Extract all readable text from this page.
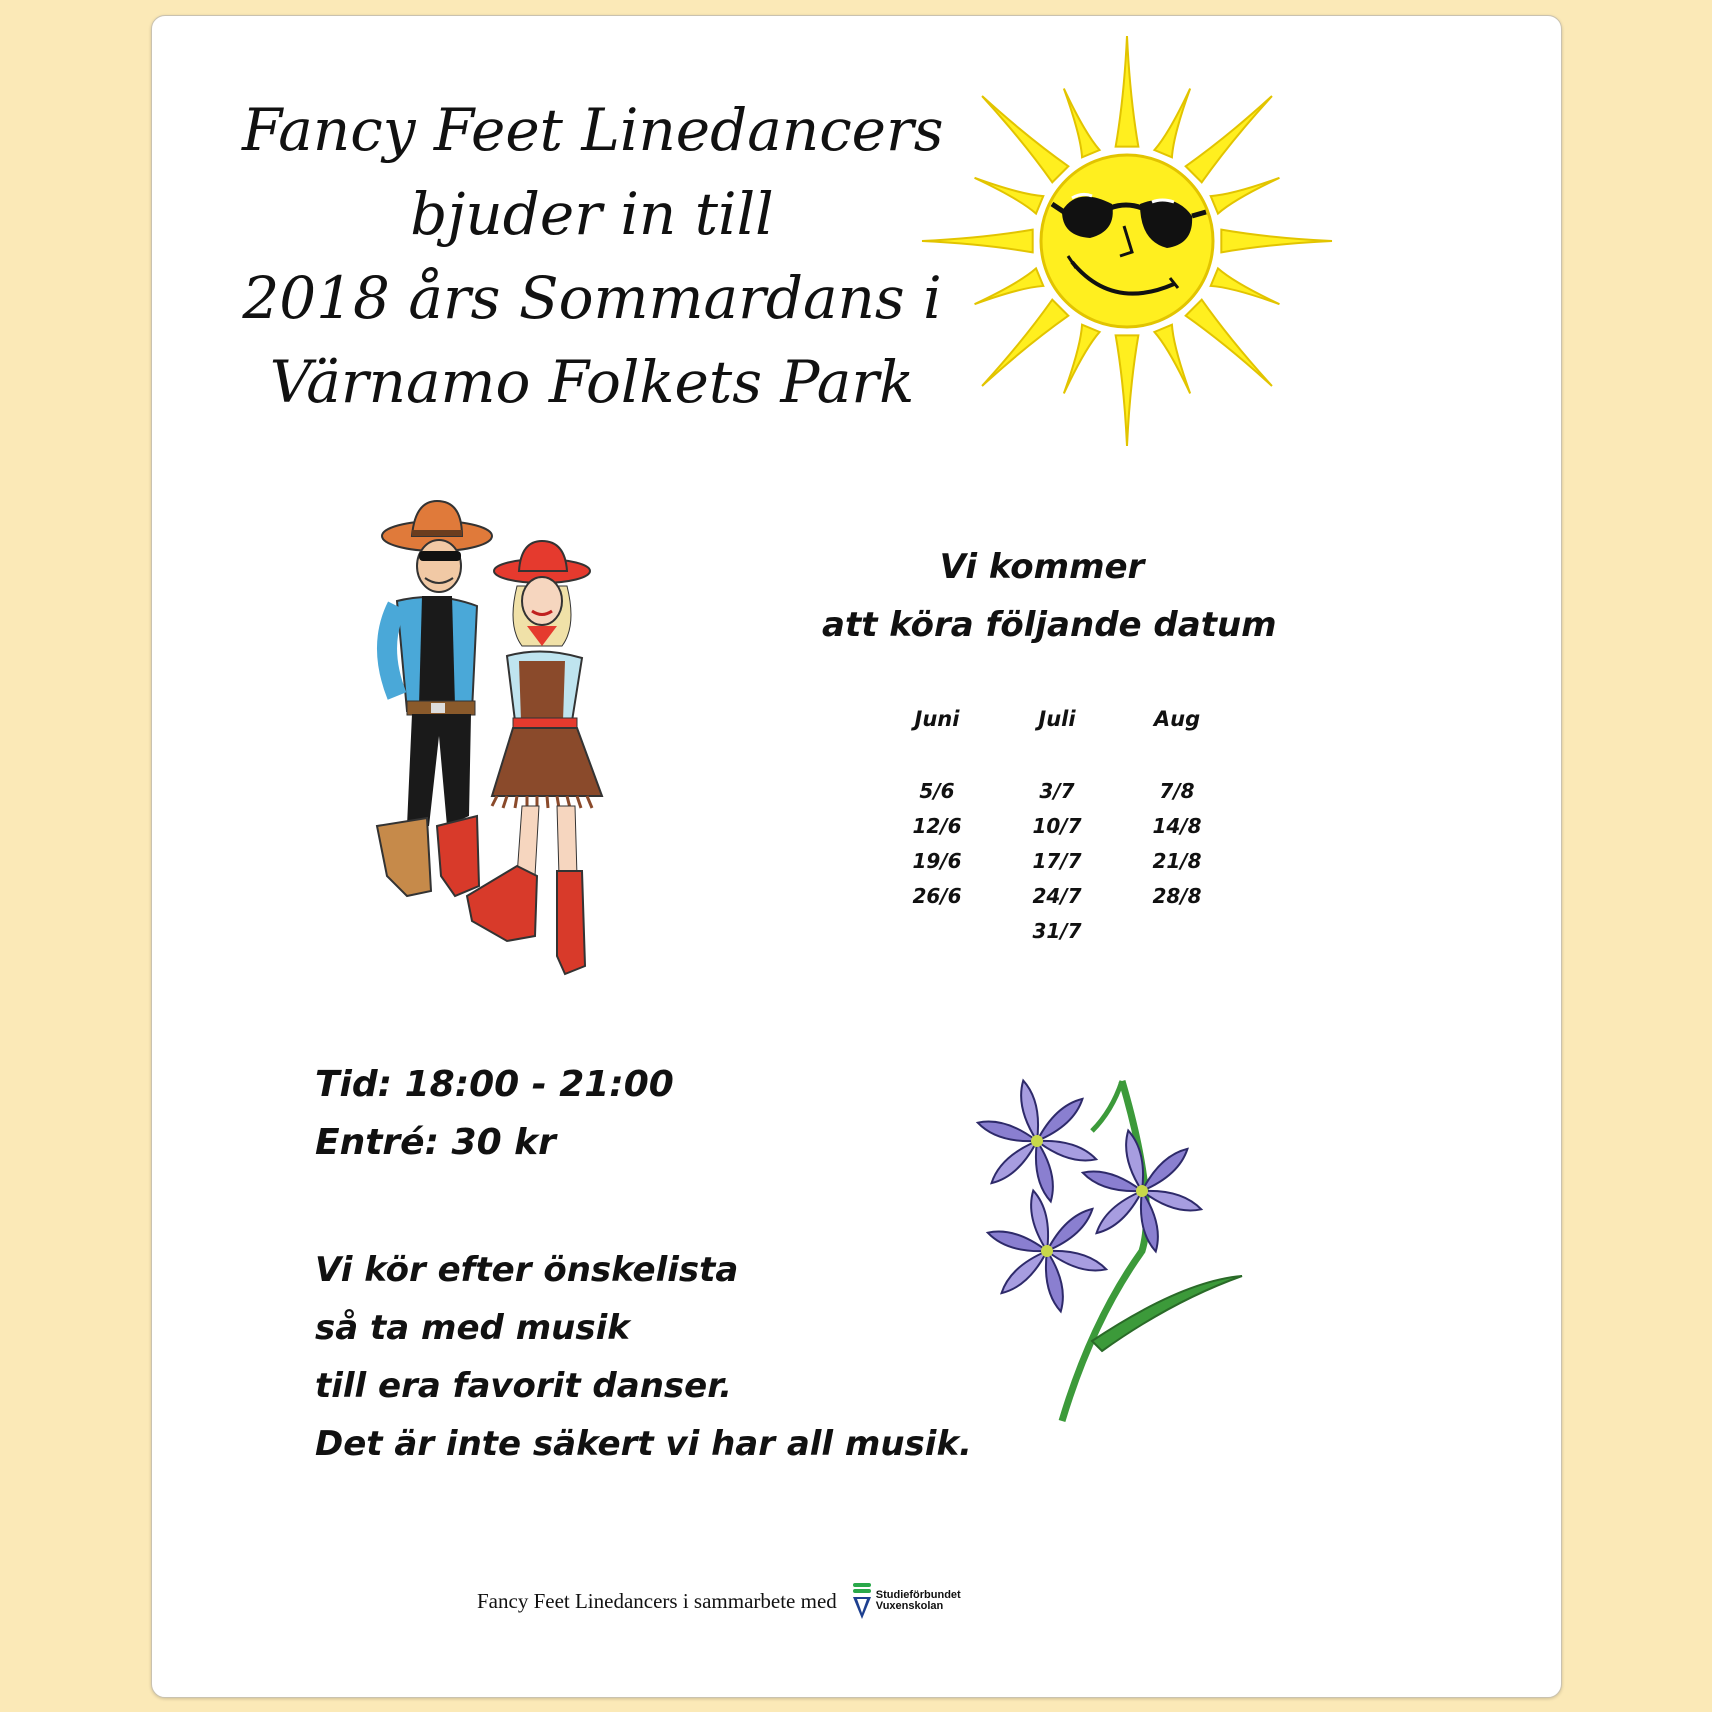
Fancy Feet Linedancers
bjuder in till
2018 års Sommardans i
Värnamo Folkets Park
Vi kommer
att köra följande datum
Juni
5/6
12/6
19/6
26/6
Juli
3/7
10/7
17/7
24/7
31/7
Aug
7/8
14/8
21/8
28/8
Tid: 18:00 - 21:00
Entré: 30 kr
Vi kör efter önskelista
så ta med musik
till era favorit danser.
Det är inte säkert vi har all musik.
Fancy Feet Linedancers i sammarbete med	Studieförbundet
Vuxenskolan
